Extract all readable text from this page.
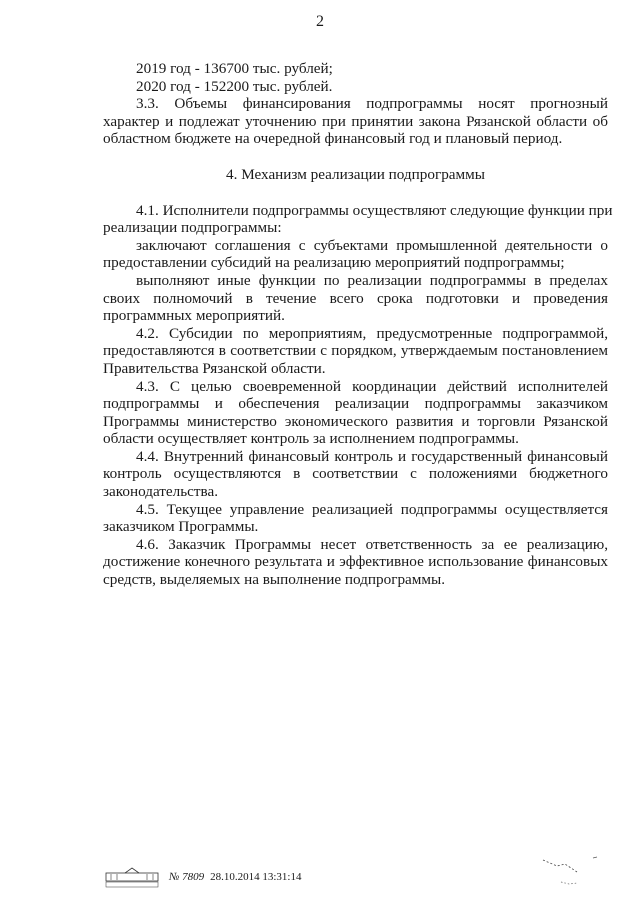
2
2019 год - 136700 тыс. рублей;
2020 год - 152200 тыс. рублей.
3.3. Объемы финансирования подпрограммы носят прогнозный
характер и подлежат уточнению при принятии закона Рязанской области об
областном бюджете на очередной финансовый год и плановый период.
4. Механизм реализации подпрограммы
4.1. Исполнители подпрограммы осуществляют следующие функции при
реализации подпрограммы:
заключают соглашения с субъектами промышленной деятельности о
предоставлении субсидий на реализацию мероприятий подпрограммы;
выполняют иные функции по реализации подпрограммы в пределах
своих полномочий в течение всего срока подготовки и проведения
программных мероприятий.
4.2. Субсидии по мероприятиям, предусмотренные подпрограммой,
предоставляются в соответствии с порядком, утверждаемым постановлением
Правительства Рязанской области.
4.3. С целью своевременной координации действий исполнителей
подпрограммы и обеспечения реализации подпрограммы заказчиком
Программы министерство экономического развития и торговли Рязанской
области осуществляет контроль за исполнением подпрограммы.
4.4. Внутренний финансовый контроль и государственный финансовый
контроль осуществляются в соответствии с положениями бюджетного
законодательства.
4.5. Текущее управление реализацией подпрограммы осуществляется
заказчиком Программы.
4.6. Заказчик Программы несет ответственность за ее реализацию,
достижение конечного результата и эффективное использование финансовых
средств, выделяемых на выполнение подпрограммы.
№ 7809 28.10.2014 13:31:14
